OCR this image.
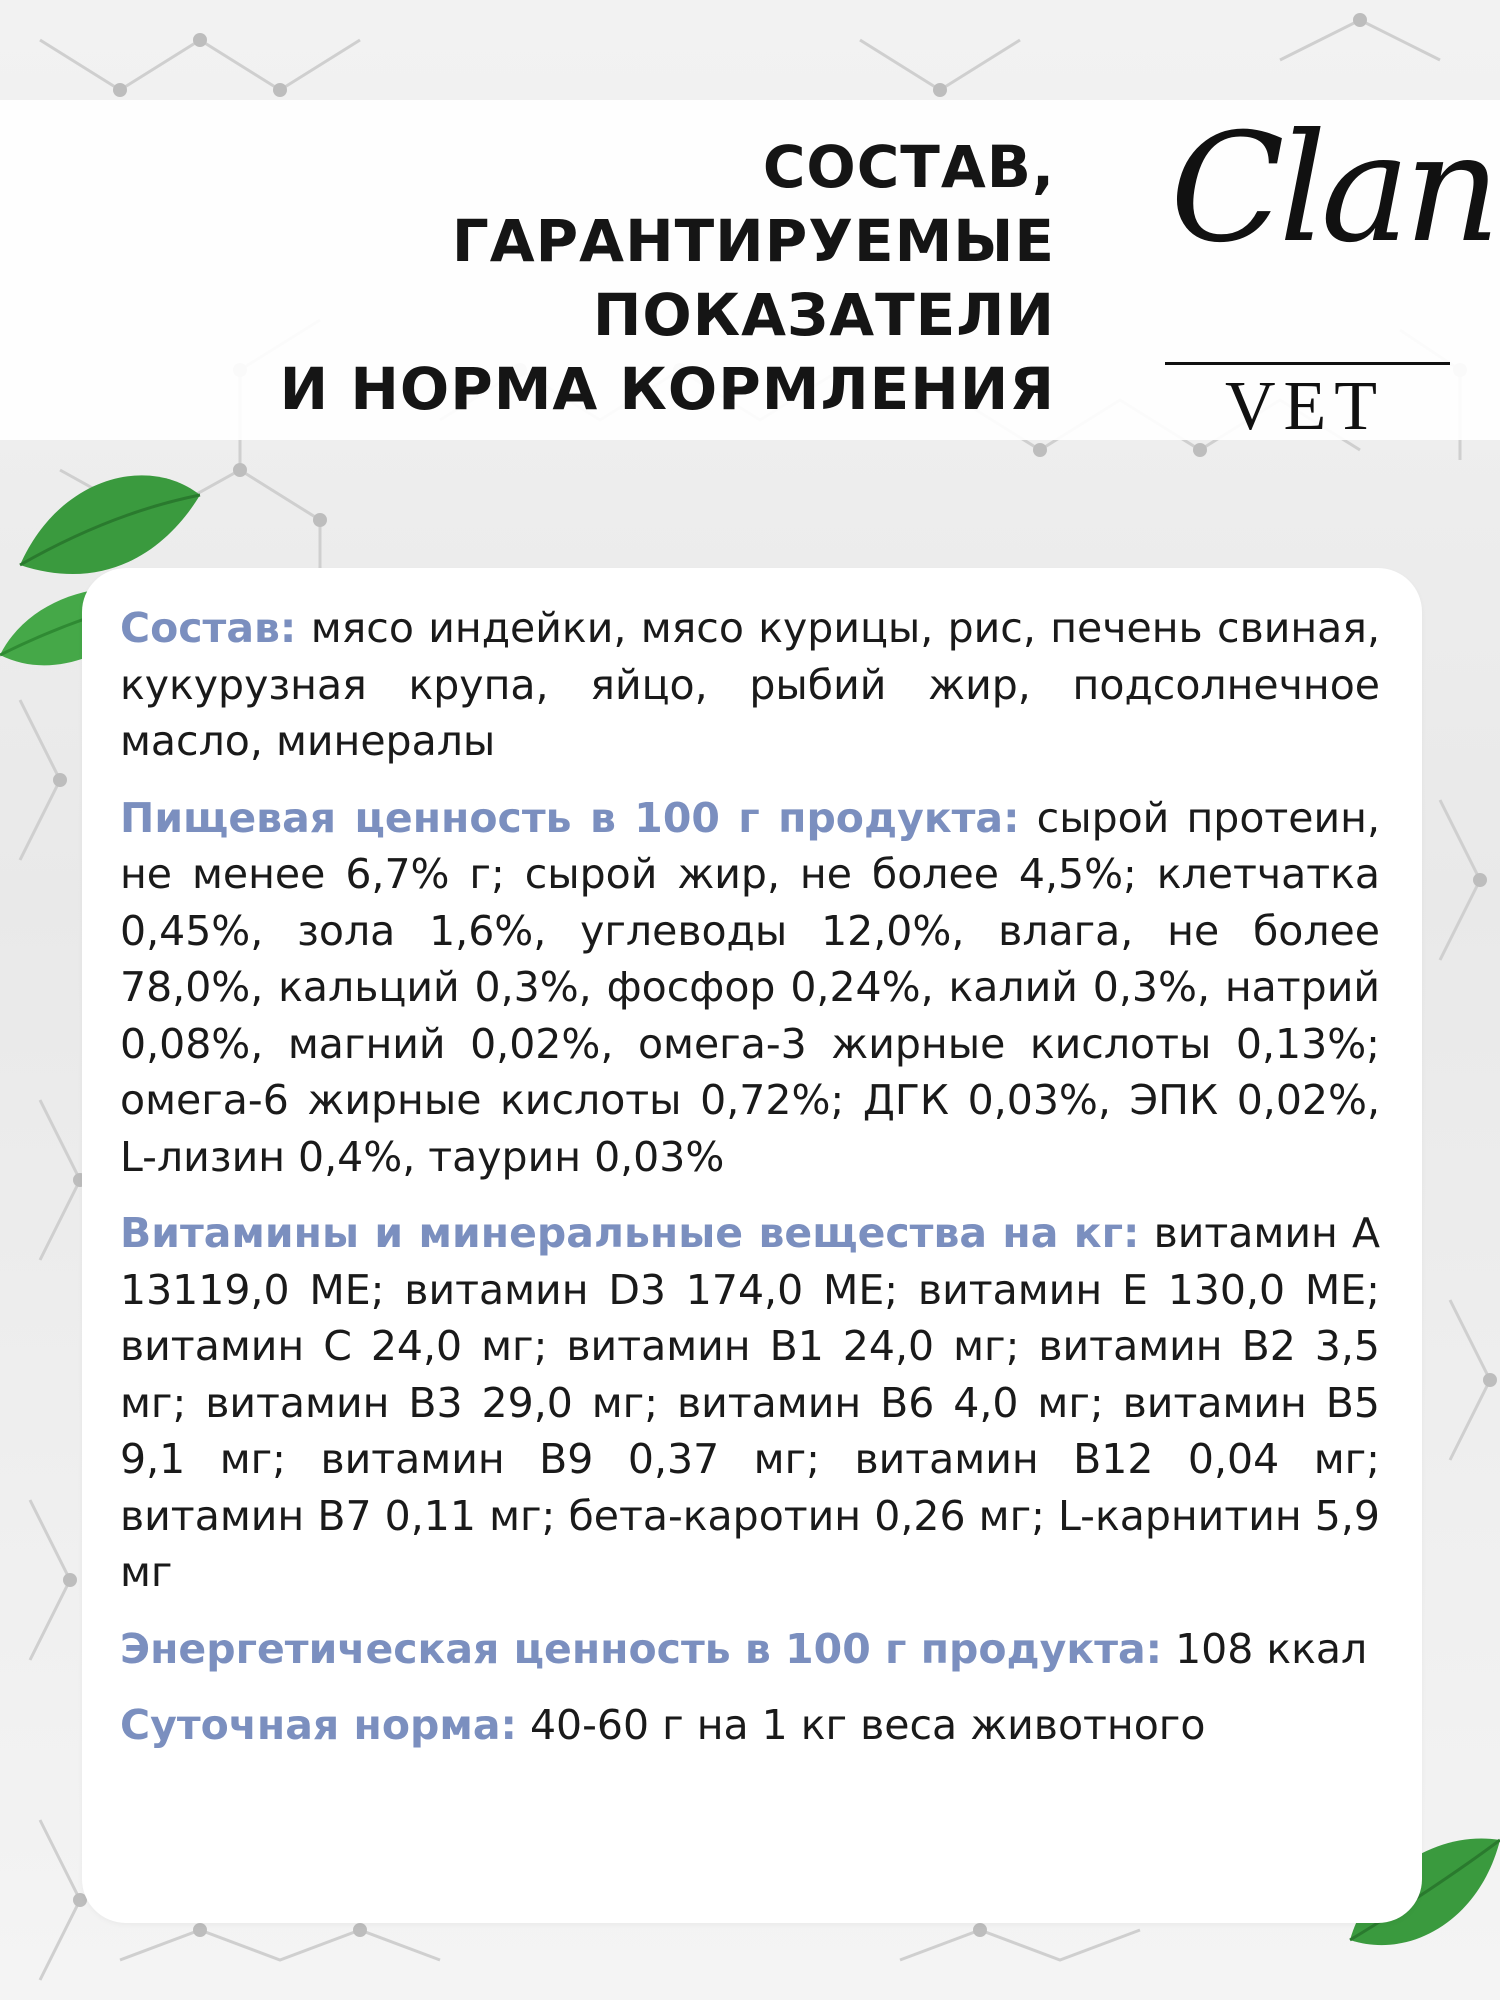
СОСТАВ,
ГАРАНТИРУЕМЫЕ
ПОКАЗАТЕЛИ
И НОРМА КОРМЛЕНИЯ
Clan
VET

Состав: мясо индейки, мясо курицы, рис, печень свиная, кукурузная крупа, яйцо, рыбий жир, подсолнечное масло, минералы

Пищевая ценность в 100 г продукта: сырой протеин, не менее 6,7% г; сырой жир, не более 4,5%; клетчатка 0,45%, зола 1,6%, углеводы 12,0%, влага, не более 78,0%, кальций 0,3%, фосфор 0,24%, калий 0,3%, натрий 0,08%, магний 0,02%, омега-3 жирные кислоты 0,13%; омега-6 жирные кислоты 0,72%; ДГК 0,03%, ЭПК 0,02%, L-лизин 0,4%, таурин 0,03%

Витамины и минеральные вещества на кг: витамин A 13119,0 МЕ; витамин D3 174,0 МЕ; витамин E 130,0 МЕ; витамин C 24,0 мг; витамин B1 24,0 мг; витамин B2 3,5 мг; витамин B3 29,0 мг; витамин B6 4,0 мг; витамин B5 9,1 мг; витамин B9 0,37 мг; витамин B12 0,04 мг; витамин B7 0,11 мг; бета-каротин 0,26 мг; L-карнитин 5,9 мг

Энергетическая ценность в 100 г продукта: 108 ккал

Суточная норма: 40-60 г на 1 кг веса животного
